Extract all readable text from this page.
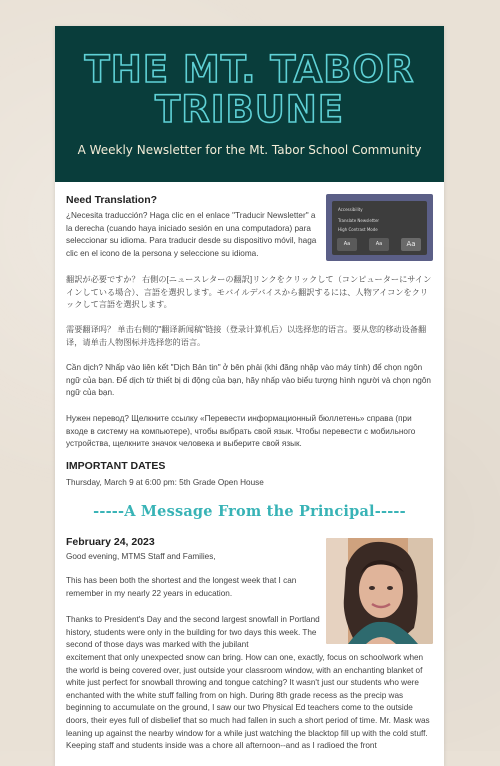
THE MT. TABOR TRIBUNE
A Weekly Newsletter for the Mt. Tabor School Community
Need Translation?

¿Necesita traducción? Haga clic en el enlace "Traducir Newsletter" a la derecha (cuando haya iniciado sesión en una computadora) para seleccionar su idioma. Para traducir desde su dispositivo móvil, haga clic en el icono de la persona y seleccione su idioma.

Accessibility
Translate Newsletter
High Contrast Mode
Aa	Aa	Aa

翻訳が必要ですか？ 右側の[ニュースレターの翻訳]リンクをクリックして（コンピューターにサインインしている場合）、言語を選択します。モバイルデバイスから翻訳するには、人物アイコンをクリックして言語を選択します。

需要翻译吗？ 单击右侧的"翻译新闻稿"链接（登录计算机后）以选择您的语言。要从您的移动设备翻译，请单击人物图标并选择您的语言。

Cần dịch? Nhấp vào liên kết "Dịch Bản tin" ở bên phải (khi đăng nhập vào máy tính) để chọn ngôn ngữ của bạn. Để dịch từ thiết bị di động của bạn, hãy nhấp vào biểu tượng hình người và chọn ngôn ngữ của bạn.

Нужен перевод? Щелкните ссылку «Перевести информационный бюллетень» справа (при входе в систему на компьютере), чтобы выбрать свой язык. Чтобы перевести с мобильного устройства, щелкните значок человека и выберите свой язык.

IMPORTANT DATES

Thursday, March 9 at 6:00 pm: 5th Grade Open House

-----A Message From the Principal-----
February 24, 2023

Good evening, MTMS Staff and Families,

This has been both the shortest and the longest week that I can remember in my nearly 22 years in education.

Thanks to President's Day and the second largest snowfall in Portland history, students were only in the building for two days this week. The second of those days was marked with the jubilant

excitement that only unexpected snow can bring. How can one, exactly, focus on schoolwork when the world is being covered over, just outside your classroom window, with an enchanting blanket of white just perfect for snowball throwing and tongue catching? It wasn't just our students who were enchanted with the white stuff falling from on high. During 8th grade recess as the precip was beginning to accumulate on the ground, I saw our two Physical Ed teachers come to the outside doors, their eyes full of disbelief that so much had fallen in such a short period of time. Mr. Mask was leaning up against the nearby window for a while just watching the blacktop fill up with the cold stuff. Keeping staff and students inside was a chore all afternoon--and as I radioed the front
